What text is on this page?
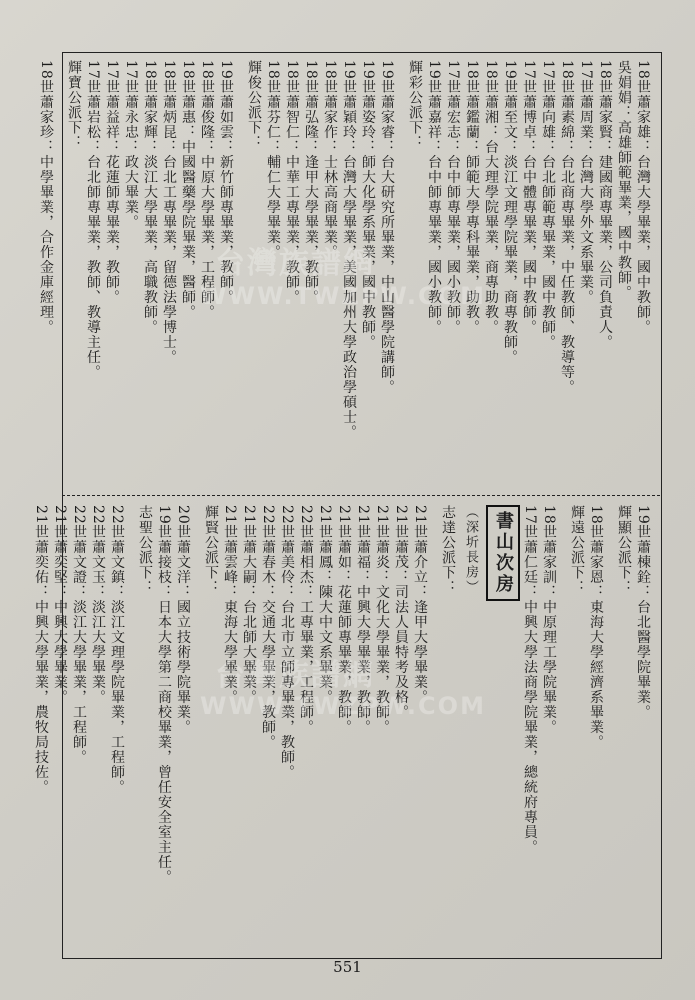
18世蕭家雄：台灣大學畢業，國中教師。
吳娟娟：高雄師範畢業，國中教師。
18世蕭家賢：建國商專畢業，公司負責人。
17世蕭周業：台灣大學外文系畢業。
18世蕭素綿：台北商專畢業，中任教師、教導等。
17世蕭向雄：台北師範專畢業，國中教師。
17世蕭博卓：台中體專畢業，國中教師。
19世蕭至文：淡江文理學院畢業，商專教師。
18世蕭湘：台大理學院畢業，商專助教。
18世蕭鑑蘭：師範大學專科畢業，助教。
17世蕭宏志：台中師專畢業，國小教師。
19世蕭嘉祥：台中師專畢業，國小教師。
輝彩公派下：
19世蕭家睿：台大研究所畢業，中山醫學院講師。
19世蕭姿玲：師大化學系畢業，國中教師。
19世蕭穎玲：台灣大學畢業，美國加州大學政治學碩士。
18世蕭家作：士林高商畢業。
18世蕭弘隆：逢甲大學畢業，教師。
18世蕭智仁：中華工專畢業，教師。
18世蕭芬仁：輔仁大學畢業。
輝俊公派下：
19世蕭如雲：新竹師專畢業，教師。
18世蕭俊隆：中原大學畢業，工程師。
18世蕭惠：中國醫藥學院畢業，醫師。
18世蕭炳昆：台北工專畢業，留德法學博士。
18世蕭家輝：淡江大學畢業，高職教師。
17世蕭永忠：政大畢業。
17世蕭益祥：花蓮師專畢業，教師。
17世蕭岩松：台北師專畢業，教師、教導主任。
輝寶公派下：
18世蕭家珍：中學畢業，合作金庫經理。
19世蕭棟銓：台北醫學院畢業。
輝顯公派下：
18世蕭家恩：東海大學經濟系畢業。
輝遠公派下：
18世蕭家訓：中原理工學院畢業。
17世蕭仁廷：中興大學法商學院畢業，總統府專員。
書山次房
（深圻長房）
志達公派下：
21世蕭介立：逢甲大學畢業。
21世蕭茂：司法人員特考及格。
21世蕭炎：文化大學畢業，教師。
21世蕭福：中興大學畢業，教師。
21世蕭如：花蓮師專畢業，教師。
21世蕭鳳：陳大中文系畢業。
22世蕭相杰：工專畢業，工程師。
22世蕭美伶：台北市立師專畢業，教師。
22世蕭春木：交通大學畢業，教師。
21世蕭大嗣：台北師大畢業。
21世蕭雲峰：東海大學畢業。
輝賢公派下：
20世蕭文洋：國立技術學院畢業。
19世蕭接枝：日本大學第二商校畢業，曾任安全室主任。
志聖公派下：
22世蕭文鎮：淡江文理學院畢業，工程師。
22世蕭文玉：淡江大學畢業。
22世蕭文證：淡江大學畢業，工程師。
21世蕭奕堅：中興大學畢業。
21世蕭奕佑：中興大學畢業，農牧局技佐。
台灣族譜網
WWW.TWZPW.COM
台灣族譜網
WWW.TWZPW.COM
551
